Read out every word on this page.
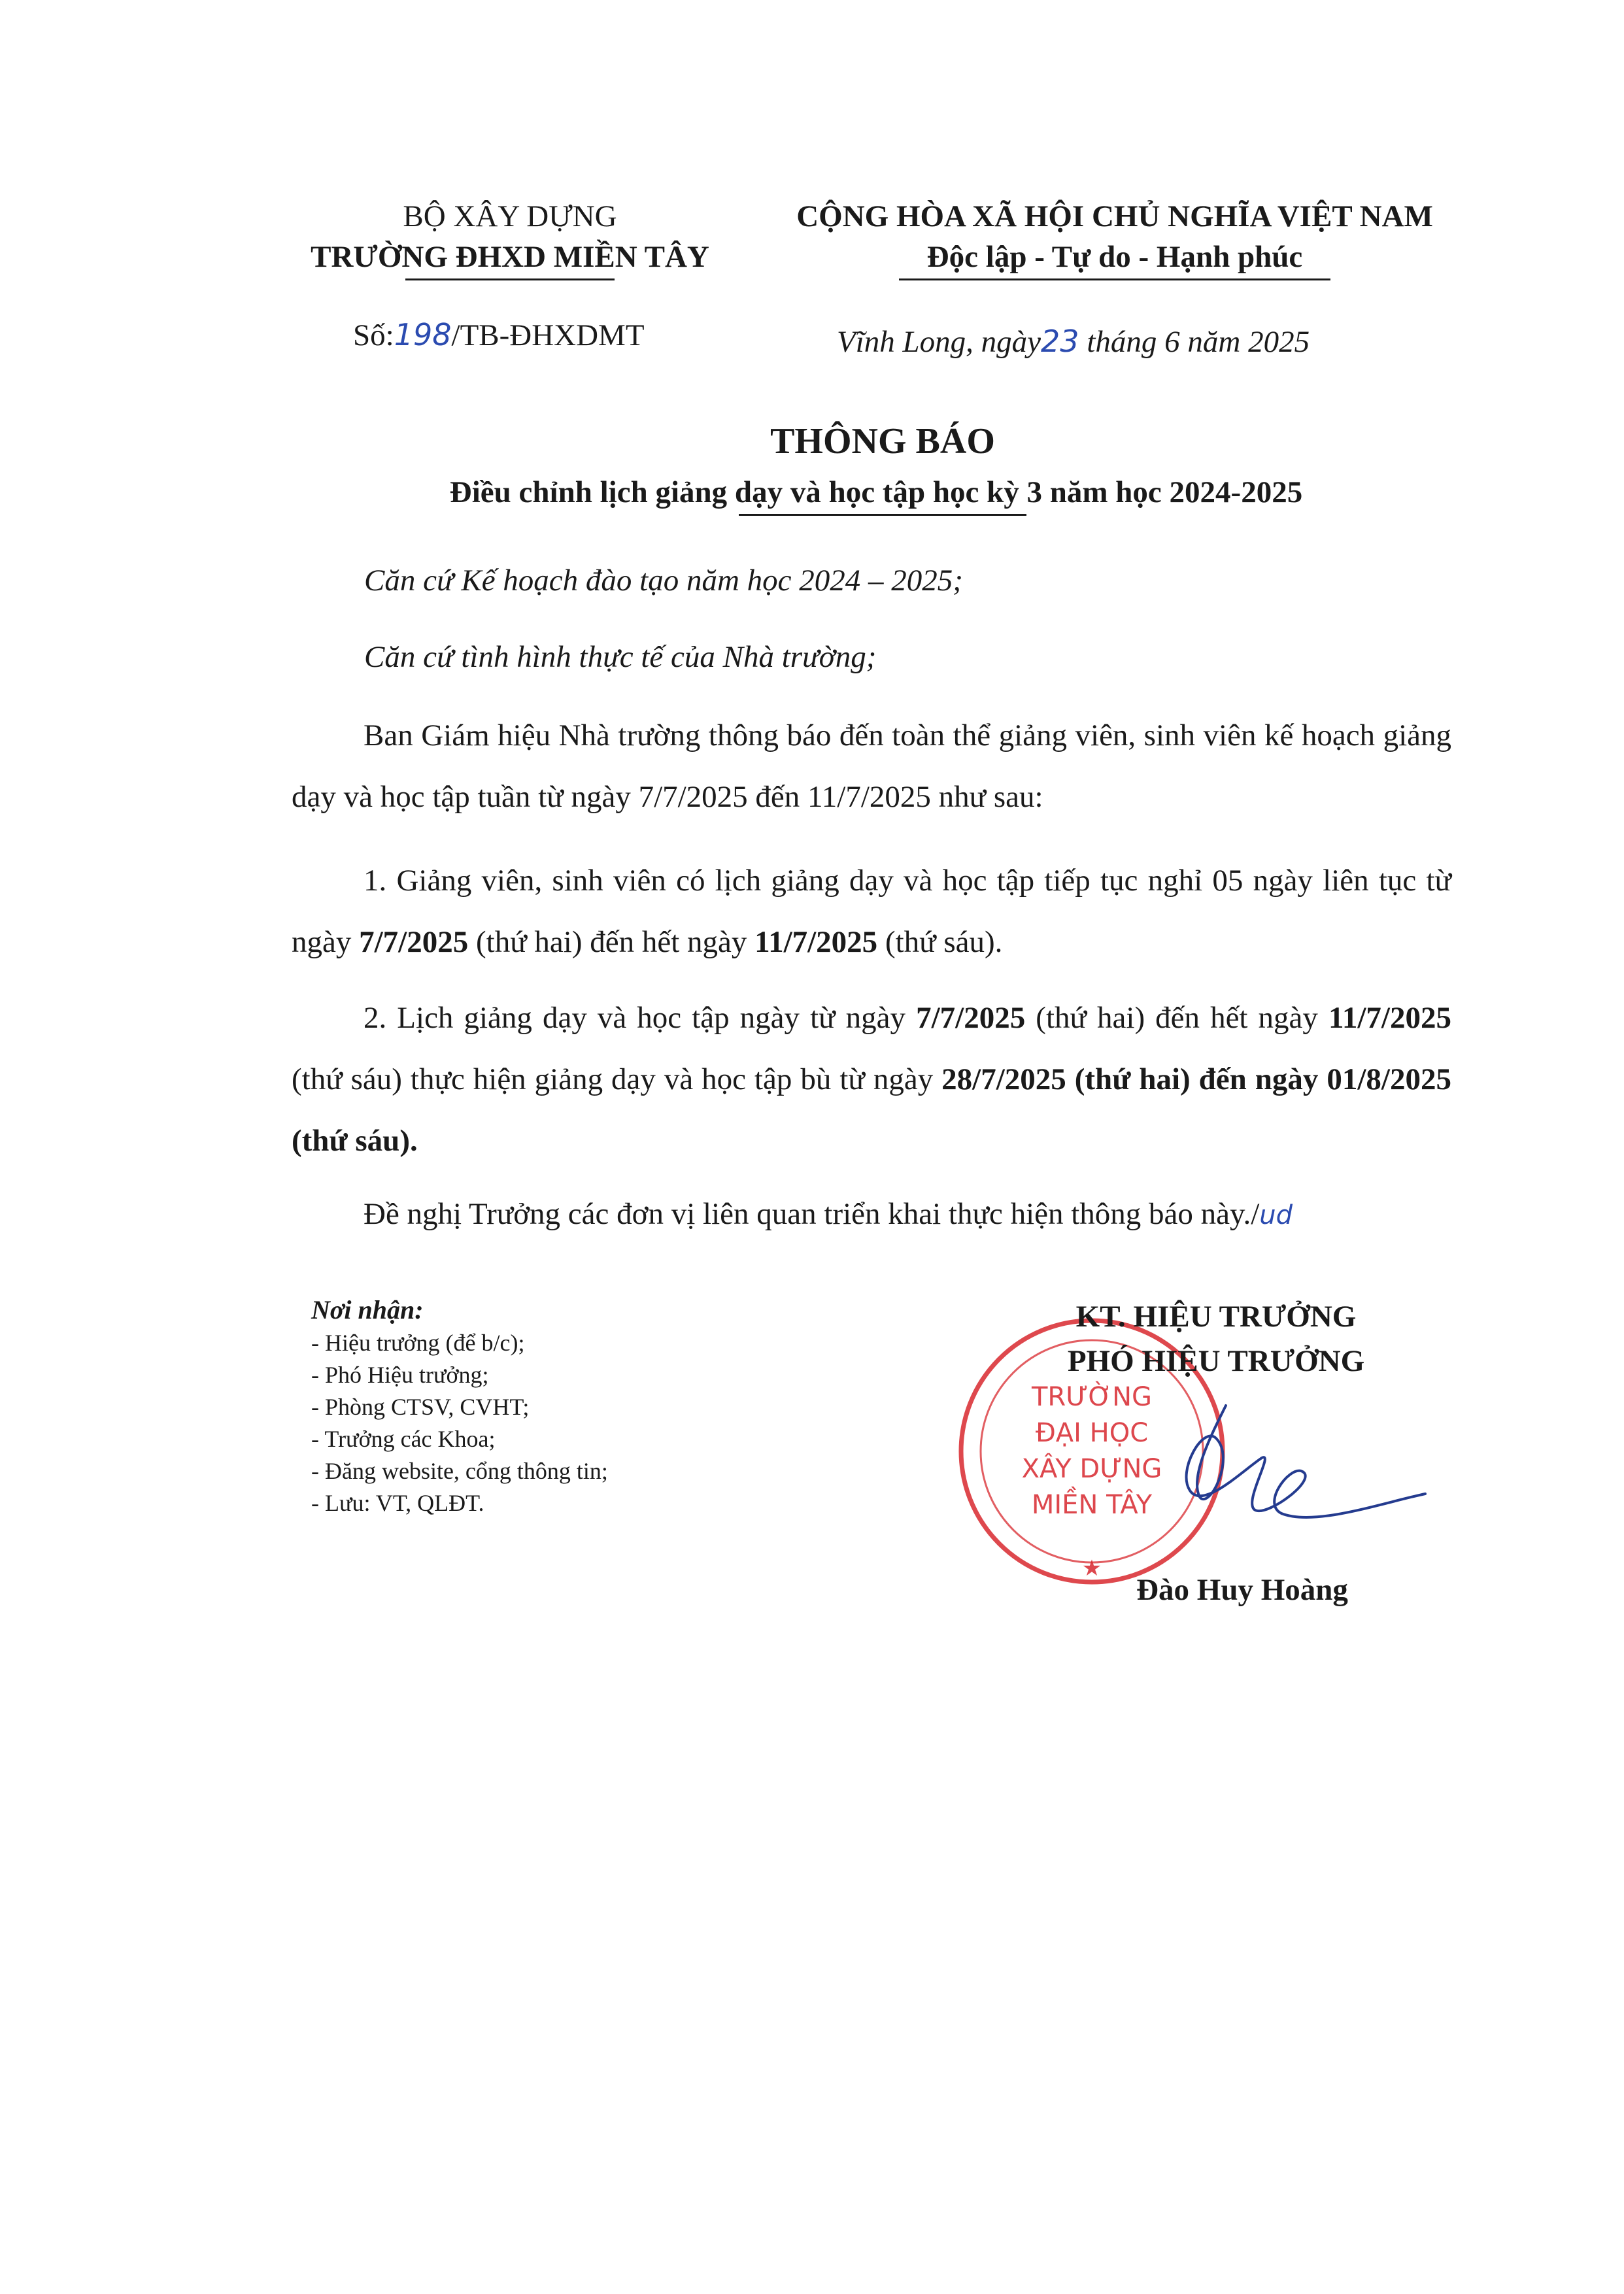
BỘ XÂY DỰNG
TRƯỜNG ĐHXD MIỀN TÂY
CỘNG HÒA XÃ HỘI CHỦ NGHĨA VIỆT NAM
Độc lập - Tự do - Hạnh phúc
Số:198/TB-ĐHXDMT	Vĩnh Long, ngày23 tháng 6 năm 2025
THÔNG BÁO
Điều chỉnh lịch giảng dạy và học tập học kỳ 3 năm học 2024-2025
Căn cứ Kế hoạch đào tạo năm học 2024 – 2025;
Căn cứ tình hình thực tế của Nhà trường;
Ban Giám hiệu Nhà trường thông báo đến toàn thể giảng viên, sinh viên kế hoạch giảng dạy và học tập tuần từ ngày 7/7/2025 đến 11/7/2025 như sau:
1. Giảng viên, sinh viên có lịch giảng dạy và học tập tiếp tục nghỉ 05 ngày liên tục từ ngày 7/7/2025 (thứ hai) đến hết ngày 11/7/2025 (thứ sáu).
2. Lịch giảng dạy và học tập ngày từ ngày 7/7/2025 (thứ hai) đến hết ngày 11/7/2025 (thứ sáu) thực hiện giảng dạy và học tập bù từ ngày 28/7/2025 (thứ hai) đến ngày 01/8/2025 (thứ sáu).
Đề nghị Trưởng các đơn vị liên quan triển khai thực hiện thông báo này./ud
Nơi nhận:
- Hiệu trưởng (để b/c);
- Phó Hiệu trưởng;
- Phòng CTSV, CVHT;
- Trưởng các Khoa;
- Đăng website, cổng thông tin;
- Lưu: VT, QLĐT.
TRƯỜNG
ĐẠI HỌC
XÂY DỰNG
MIỀN TÂY
★
KT. HIỆU TRƯỞNG
PHÓ HIỆU TRƯỞNG
Đào Huy Hoàng
